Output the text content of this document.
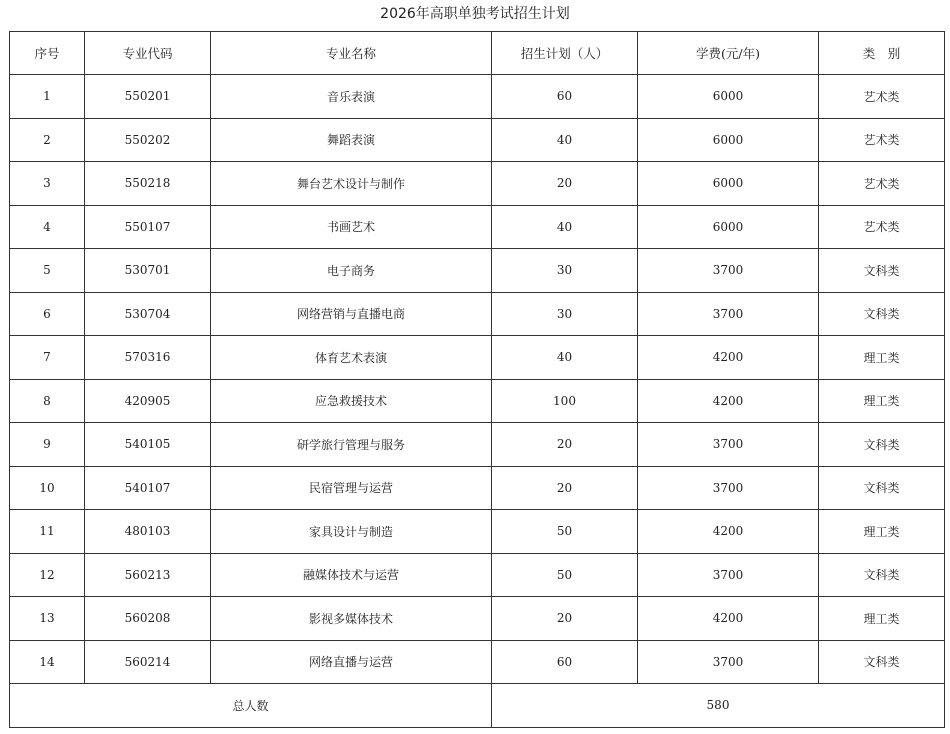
2026年高职单独考试招生计划
序号	专业代码	专业名称	招生计划（人）	学费(元/年)	类　别
1	550201	音乐表演	60	6000	艺术类
2	550202	舞蹈表演	40	6000	艺术类
3	550218	舞台艺术设计与制作	20	6000	艺术类
4	550107	书画艺术	40	6000	艺术类
5	530701	电子商务	30	3700	文科类
6	530704	网络营销与直播电商	30	3700	文科类
7	570316	体育艺术表演	40	4200	理工类
8	420905	应急救援技术	100	4200	理工类
9	540105	研学旅行管理与服务	20	3700	文科类
10	540107	民宿管理与运营	20	3700	文科类
11	480103	家具设计与制造	50	4200	理工类
12	560213	融媒体技术与运营	50	3700	文科类
13	560208	影视多媒体技术	20	4200	理工类
14	560214	网络直播与运营	60	3700	文科类
总人数			580		
